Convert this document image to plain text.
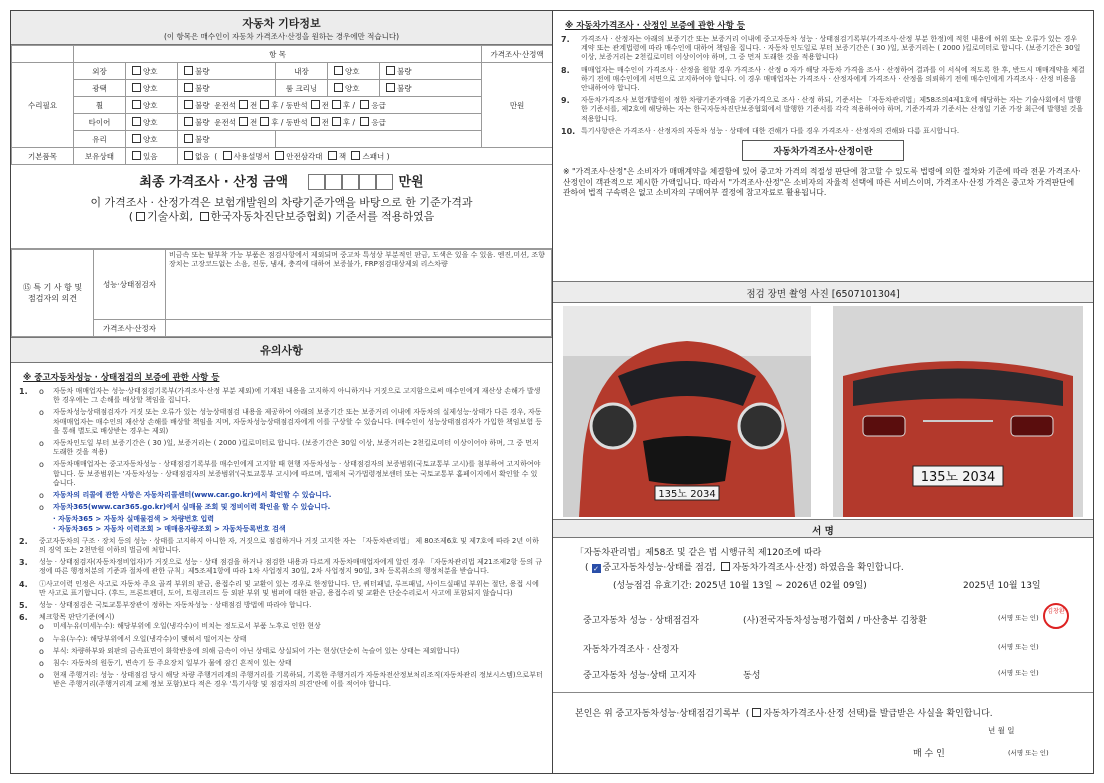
자동차 기타정보
(이 항목은 매수인이 자동차 가격조사·산정을 원하는 경우에만 적습니다)
	항 목						가격조사·산정액
수리필요	외장	양호	불량	내장	양호	불량	만원
	광택	양호	불량	룸 크리닝	양호	불량	
	휠	양호	불량 운전석 전 후 / 동반석 전 후 / 응급				
	타이어	양호	불량 운전석 전 후 / 동반석 전 후 / 응급				
	유리	양호	불량				
기본품목	보유상태	있음	없음  ( 사용설명서 안전삼각대 잭 스패너 )				
최종 가격조사 · 산정 금액	만원
이 가격조사 · 산정가격은 보험개발원의 차량기준가액을 바탕으로 한 기준가격과
( 기술사회, 한국자동차진단보증협회) 기준서를 적용하였음
⑮ 특 기 사 항 및
점검자의 의견	성능·상태점검자	비금속 또는 탈부착 가능 부품은 점검사항에서 제외되며 중고차 특성상 부분적인 판금, 도색은 있을 수 있음. 엔진,미션, 조향장치는 고장코드없는 소음, 진동, 냄새, 충격에 대하여 보증불가, FRP점검대상제외 리스차량

	가격조사·산정자	
유의사항
※ 중고자동차성능 · 상태점검의 보증에 관한 사항 등
1.	o	자동차 매매업자는 성능·상태점검기록부(가격조사·산정 부분 제외)에 기재된 내용을 고지하지 아니하거나 거짓으로 고지함으로써 매수인에게 재산상 손해가 발생한 경우에는 그 손해를 배상할 책임을 집니다.
o	자동차성능상태점검자가 거짓 또는 오류가 있는 성능상태점검 내용을 제공하여 아래의 보증기간 또는 보증거리 이내에 자동차의 실제성능·상태가 다른 경우, 자동차매매업자는 매수인의 재산상 손해를 배상할 책임을 지며, 자동차성능상태점검자에게 이를 구상할 수 있습니다. (매수인이 성능상태점검자가 가입한 책임보험 등을 통해 별도로 배상받는 경우는 제외)
o	자동차인도일 부터 보증기간은 ( 30 )일, 보증거리는 ( 2000 )킬로미터로 합니다. (보증기간은 30일 이상, 보증거리는 2천킬로미터 이상이어야 하며, 그 중 먼저 도래한 것을 적용)
o	자동차매매업자는 중고자동차성능 · 상태점검기록부를 매수인에게 고지할 때 현행 자동차성능 · 상태점검자의 보증범위(국토교통부 고시)를 첨부하여 고지하여야 합니다. 동 보증범위는 '자동차성능 · 상태점검자의 보증범위'(국토교통부 고시)에 따르며, 법제처 국가법령정보센터 또는 국토교통부 홈페이지에서 확인할 수 있습니다.
o	자동차의 리콜에 관한 사항은 자동차리콜센터(www.car.go.kr)에서 확인할 수 있습니다.
o	자동차365(www.car365.go.kr)에서 실매물 조회 및 정비이력 확인을 할 수 있습니다.
· 자동차365 > 자동차 실매물검색 > 차량번호 입력
· 자동차365 > 자동차 이력조회 > 매매용자량조회 > 자동차등록번호 검색
2.	중고자동차의 구조 · 장치 등의 성능 · 상태를 고지하지 아니한 자, 거짓으로 점검하거나 거짓 고지한 자는 「자동차관리법」 제 80조제6호 및 제7호에 따라 2년 이하의 징역 또는 2천만원 이하의 벌금에 처합니다.
3.	성능 · 상태점검자(자동차정비업자)가 거짓으로 성능 · 상태 점검을 하거나 점검한 내용과 다르게 자동차매매업자에게 알린 경우 「자동차관리법 제21조제2항 등의 규정에 따른 행정처분의 기준과 절차에 관한 규칙」제5조제1항에 따라 1차 사업정지 30일, 2차 사업정지 90일, 3차 등록취소의 행정처분을 받습니다.
4.	ⓘ사고이력 인정은 사고로 자동차 주요 골격 부위의 판금, 용접수리 및 교환이 있는 경우로 한정합니다. 단, 쿼터패널, 루프패널, 사이드실패널 부위는 절단, 용접 시에만 사고로 표기합니다. (후드, 프론트펜더, 도어, 트렁크리드 등 외판 부위 및 범퍼에 대한 판금, 용접수리 및 교환은 단순수리로서 사고에 포함되지 않습니다)
5.	성능 · 상태점검은 국토교통부장관이 정하는 자동차성능 · 상태점검 방법에 따라야 합니다.
6.	체크항목 판단기준(예시)
o	미세누유(미세누수): 해당부위에 오일(냉각수)이 비치는 정도로서 부품 노후로 인한 현상
o	누유(누수): 해당부위에서 오일(냉각수)이 맺혀서 떨어지는 상태
o	부식: 차량하부와 외판의 금속표면이 화학반응에 의해 금속이 아닌 상태로 상실되어 가는 현상(단순히 녹슬어 있는 상태는 제외합니다)
o	침수: 자동차의 원동기, 변속기 등 주요장치 일부가 물에 잠긴 흔적이 있는 상태
o	현재 주행거리: 성능 · 상태점검 당시 해당 차량 주행거리계의 주행거리를 기록하되, 기록한 주행거리가 자동차전산정보처리조직(자동차관리 정보시스템)으로부터 받은 주행거리(주행거리계 교체 정보 포함)보다 적은 경우 '특기사항 및 점검자의 의견'란에 이를 적어야 합니다.
※ 자동차가격조사 · 산정인 보증에 관한 사항 등
7.	가격조사 · 산정자는 아래의 보증기간 또는 보증거리 이내에 중고자동차 성능 · 상태점검기록부(가격조사·산정 부분 한정)에 적힌 내용에 허위 또는 오류가 있는 경우 계약 또는 관계법령에 따라 매수인에 대하여 책임을 집니다. · 자동차 인도일로 부터 보증기간은 ( 30 )일, 보증거리는 ( 2000 )킬로미터로 합니다. (보증기간은 30일 이상, 보증거리는 2천킬로미터 이상이어야 하며, 그 중 먼저 도래한 것을 적용합니다)
8.	매매업자는 매수인이 가격조사 · 산정을 원할 경우 가격조사 · 산정 o 자가 해당 자동차 가격을 조사 · 산정하여 결과를 이 서식에 적도록 한 후, 반드시 매매계약을 체결하기 전에 매수인에게 서면으로 고지하여야 합니다. 이 경우 매매업자는 가격조사 · 산정자에게 가격조사 · 산정을 의뢰하기 전에 매수인에게 가격조사 · 산정 비용을 안내하여야 합니다.
9.	자동차가격조사 보험개발원이 정한 차량기준가액을 기준가격으로 조사 · 산정 하되, 기준서는 「자동차관리법」제58조의4제1호에 해당하는 자는 기술사회에서 발행한 기준서를, 제2호에 해당하는 자는 한국자동차진단보증협회에서 발행한 기준서를 각각 적용하여야 하며, 기준가격과 기준서는 산정일 기준 가장 최근에 발행된 것을 적용합니다.
10. 특기사항란은 가격조사 · 산정자의 자동차 성능 · 상태에 대한 견해가 다를 경우 가격조사 · 산정자의 견해와 다름 표시합니다.
자동차가격조사·산정이란
※ "가격조사·산정"은 소비자가 매매계약을 체결함에 있어 중고차 가격의 적절성 판단에 참고할 수 있도록 법령에 의한 절차와 기준에 따라 전문 가격조사·산정인이 객관적으로 제시한 가액입니다. 따라서 "가격조사·산정"은 소비자의 자율적 선택에 따른 서비스이며, 가격조사·산정 가격은 중고차 가격판단에 관하여 법적 구속력은 없고 소비자의 구매여부 결정에 참고자료로 활용됩니다.
점검 장면 촬영 사진 [6507101304]
135노 2034
135노 2034
서 명
「자동차관리법」제58조 및 같은 법 시행규칙 제120조에 따라
( ✓ 중고자동차성능·상태를 점검, 자동차가격조사·산정) 하였음을 확인합니다.
(성능점검 유효기간: 2025년 10월 13일 ~ 2026년 02월 09일)	2025년 10월 13일
중고자동차 성능 · 상태점검자	(사)전국자동차성능평가협회 / 마산충부 김창환	(서명 또는 인)
김창환
자동차가격조사 · 산정자	(서명 또는 인)
중고자동차 성능·상태 고지자	동성	(서명 또는 인)
본인은 위 중고자동차성능·상태점검기록부  ( 자동차가격조사·산정 선택)를 발급받은 사실을 확인합니다.
년 월 일
매 수 인	(서명 또는 인)
